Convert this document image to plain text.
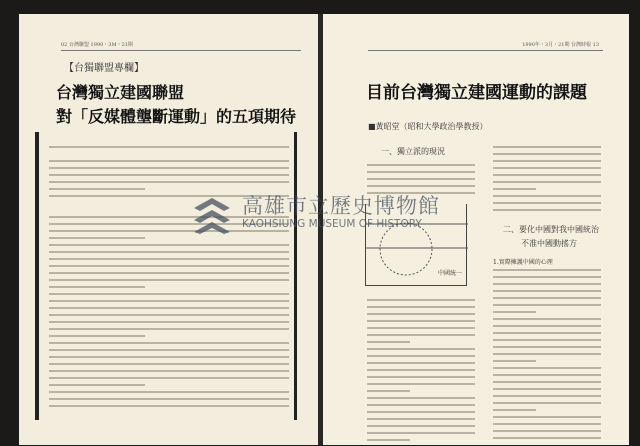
02 台灣聯盟 1990・3M・21期
【台獨聯盟專欄】
台灣獨立建國聯盟
對「反媒體壟斷運動」的五項期待
1990年・3月・21期 台灣時報 13
目前台灣獨立建國運動的課題
■黃昭堂（昭和大學政治學教授）
一、獨立派的現況
中國統一
二、要化中國對我中國統治
不准中國動搖方
1.實際擁護中國的心理
高雄市立歷史博物館
KAOHSIUNG MUSEUM OF HISTORY
